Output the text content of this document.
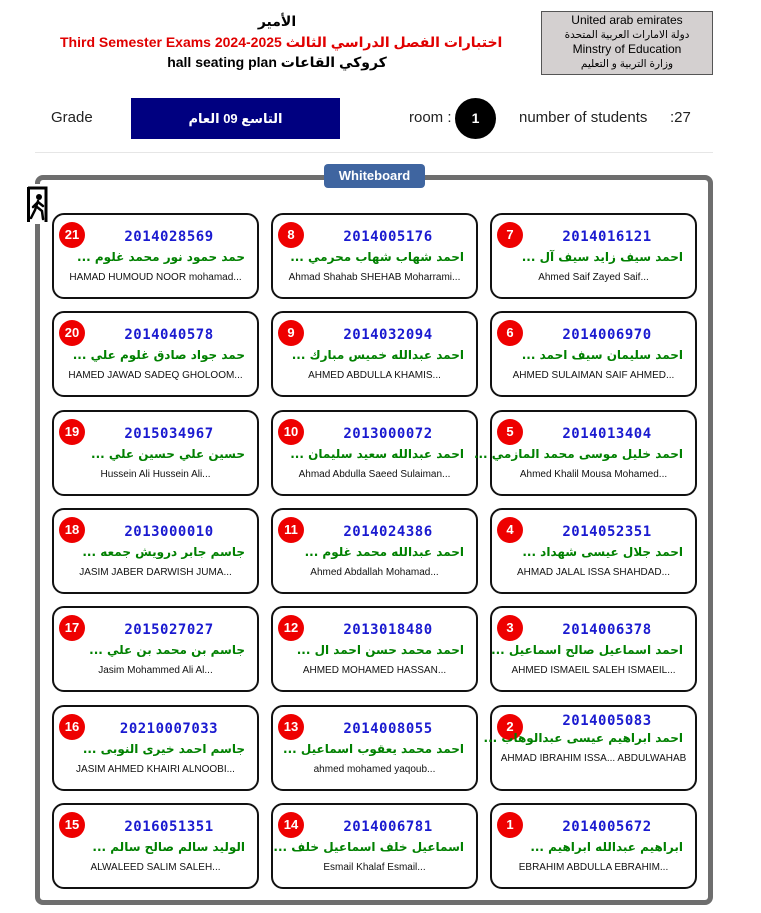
الأمير
Third Semester Exams 2024-2025 اختبارات الفصل الدراسي الثالث
hall seating plan كروكي القاعات
United arab emirates
دولة الامارات العربية المتحدة
Minstry of Education
وزارة التربية و التعليم
Grade	التاسع 09 العام	room :	1	number of students :27
Whiteboard
21	2014028569
حمد حمود نور محمد غلوم ...
HAMAD HUMOUD NOOR mohamad...
8	2014005176
احمد شهاب شهاب محرمي ...
Ahmad Shahab SHEHAB Moharrami...
7	2014016121
احمد سيف زايد سيف آل ...
Ahmed Saif Zayed Saif...
20	2014040578
حمد جواد صادق غلوم علي ...
HAMED JAWAD SADEQ GHOLOOM...
9	2014032094
احمد عبدالله خميس مبارك ...
AHMED ABDULLA KHAMIS...
6	2014006970
احمد سليمان سيف احمد ...
AHMED SULAIMAN SAIF AHMED...
19	2015034967
حسين علي حسين علي ...
Hussein Ali Hussein Ali...
10	2013000072
احمد عبدالله سعيد سليمان ...
Ahmad Abdulla Saeed Sulaiman...
5	2014013404
احمد خليل موسى محمد المازمي ...
Ahmed Khalil Mousa Mohamed...
18	2013000010
جاسم جابر درويش جمعه ...
JASIM JABER DARWISH JUMA...
11	2014024386
احمد عبدالله محمد غلوم ...
Ahmed Abdallah Mohamad...
4	2014052351
احمد جلال عيسى شهداد ...
AHMAD JALAL ISSA SHAHDAD...
17	2015027027
جاسم بن محمد بن علي ...
Jasim Mohammed Ali Al...
12	2013018480
احمد محمد حسن احمد ال ...
AHMED MOHAMED HASSAN...
3	2014006378
احمد اسماعيل صالح اسماعيل ...
AHMED ISMAEIL SALEH ISMAEIL...
16	20210007033
جاسم احمد خيرى النوبى ...
JASIM AHMED KHAIRI ALNOOBI...
13	2014008055
احمد محمد يعقوب اسماعيل ...
ahmed mohamed yaqoub...
2	2014005083
احمد ابراهيم عيسى عبدالوهاب ...
AHMAD IBRAHIM ISSA... ABDULWAHAB
15	2016051351
الوليد سالم صالح سالم ...
ALWALEED SALIM SALEH...
14	2014006781
اسماعيل خلف اسماعيل خلف ...
Esmail Khalaf Esmail...
1	2014005672
ابراهيم عبدالله ابراهيم ...
EBRAHIM ABDULLA EBRAHIM...
